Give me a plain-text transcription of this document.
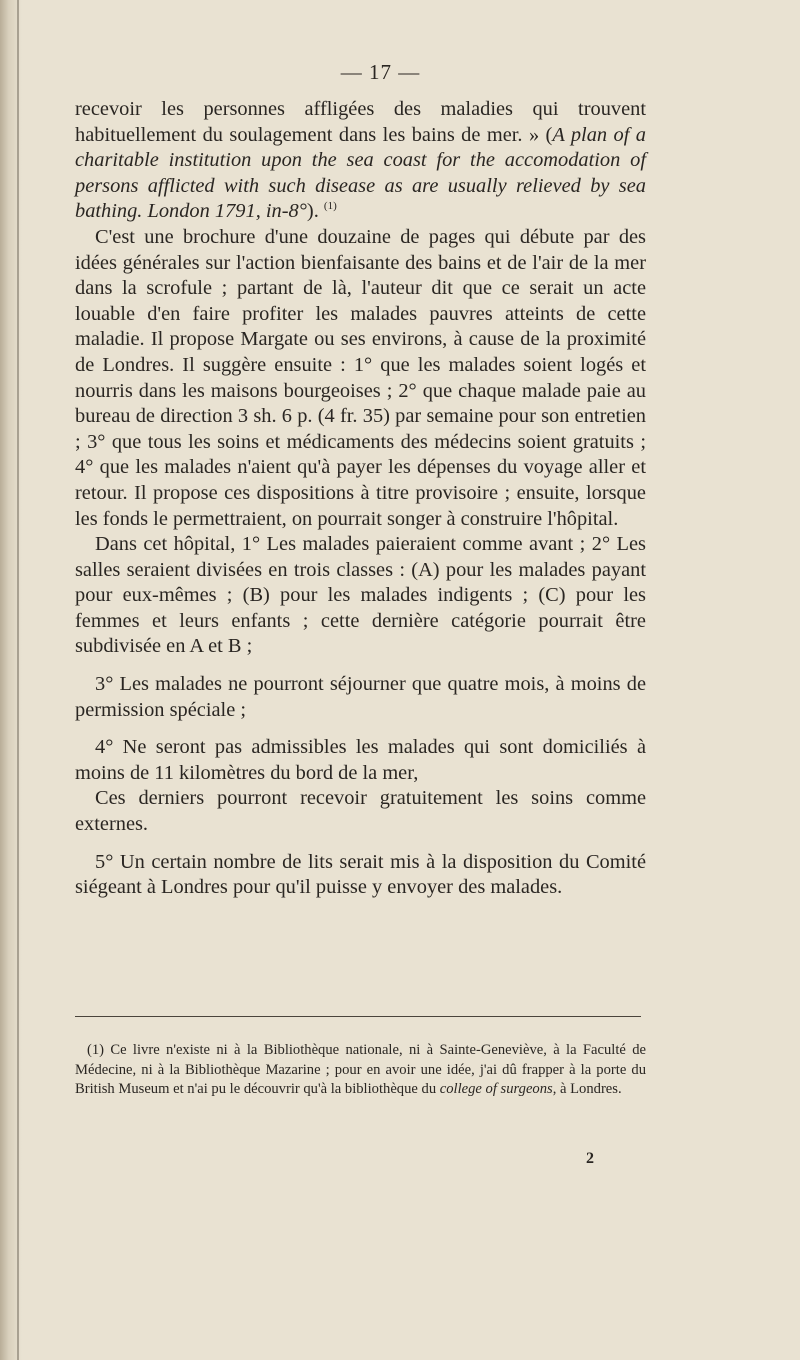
— 17 —

recevoir les personnes affligées des maladies qui trouvent habituellement du soulagement dans les bains de mer. » (A plan of a charitable institution upon the sea coast for the accomodation of persons afflicted with such disease as are usually relieved by sea bathing. London 1791, in-8°). $^{(1)}$

C'est une brochure d'une douzaine de pages qui débute par des idées générales sur l'action bienfaisante des bains et de l'air de la mer dans la scrofule ; partant de là, l'auteur dit que ce serait un acte louable d'en faire profiter les malades pauvres atteints de cette maladie. Il propose Margate ou ses environs, à cause de la proximité de Londres. Il suggère ensuite : 1° que les malades soient logés et nourris dans les maisons bourgeoises ; 2° que chaque malade paie au bureau de direction 3 sh. 6 p. (4 fr. 35) par semaine pour son entretien ; 3° que tous les soins et médicaments des médecins soient gratuits ; 4° que les malades n'aient qu'à payer les dépenses du voyage aller et retour. Il propose ces dispositions à titre provisoire ; ensuite, lorsque les fonds le permettraient, on pourrait songer à construire l'hôpital.

Dans cet hôpital, 1° Les malades paieraient comme avant ; 2° Les salles seraient divisées en trois classes : (A) pour les malades payant pour eux-mêmes ; (B) pour les malades indigents ; (C) pour les femmes et leurs enfants ; cette dernière catégorie pourrait être subdivisée en A et B ;

3° Les malades ne pourront séjourner que quatre mois, à moins de permission spéciale ;

4° Ne seront pas admissibles les malades qui sont domiciliés à moins de 11 kilomètres du bord de la mer,

Ces derniers pourront recevoir gratuitement les soins comme externes.

5° Un certain nombre de lits serait mis à la disposition du Comité siégeant à Londres pour qu'il puisse y envoyer des malades.

(1) Ce livre n'existe ni à la Bibliothèque nationale, ni à Sainte-Geneviève, à la Faculté de Médecine, ni à la Bibliothèque Mazarine ; pour en avoir une idée, j'ai dû frapper à la porte du British Museum et n'ai pu le découvrir qu'à la bibliothèque du college of surgeons, à Londres.
2
